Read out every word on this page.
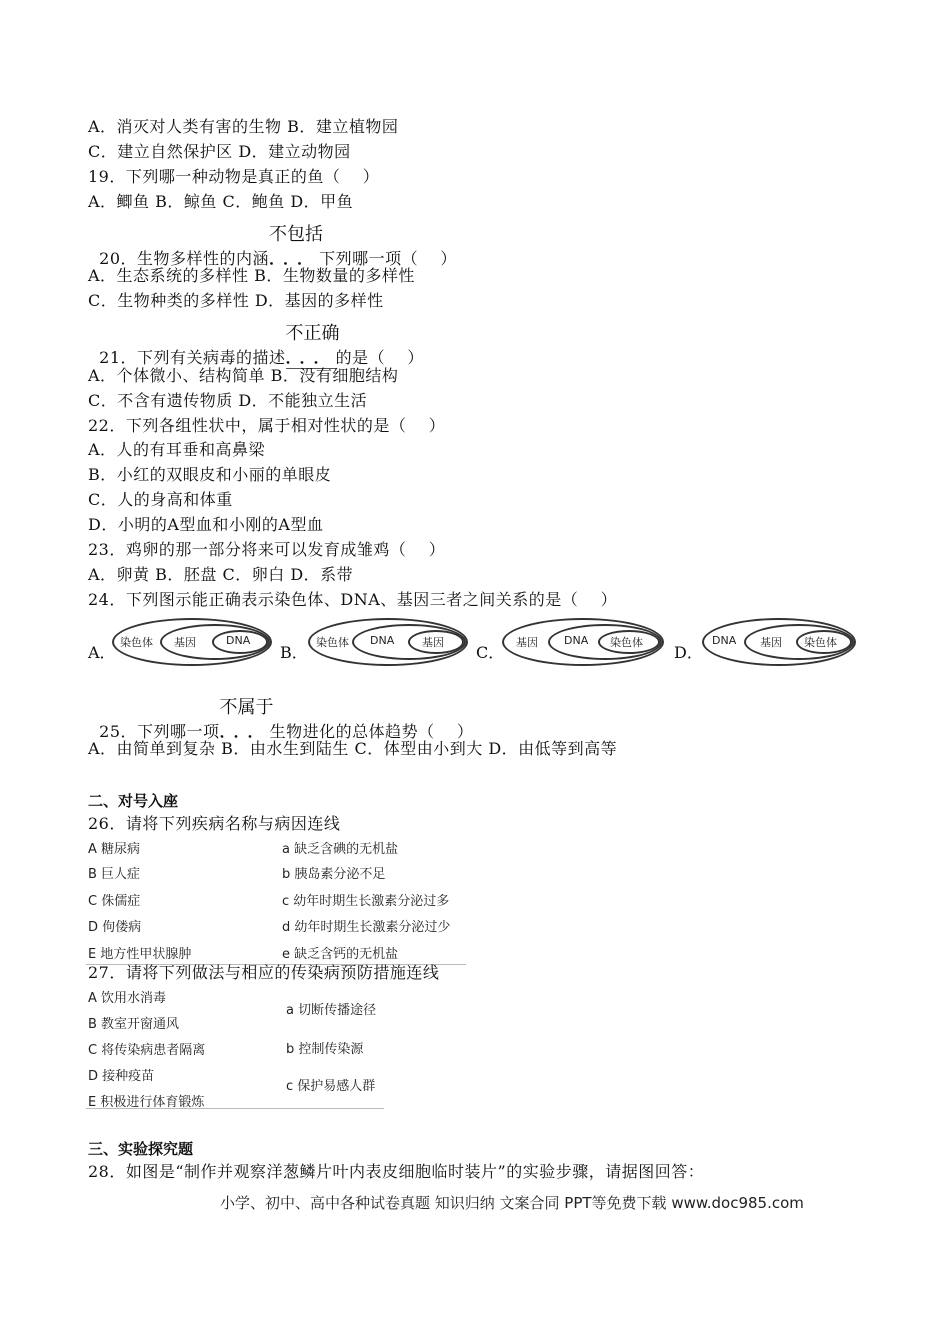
A．消灭对人类有害的生物 B．建立植物园
C．建立自然保护区 D．建立动物园
19．下列哪一种动物是真正的鱼（    ）
A．鲫鱼 B．鲸鱼 C．鲍鱼 D．甲鱼

20．生物多样性的内涵
不包括
．．．下列哪一项（    ）

A．生态系统的多样性 B．生物数量的多样性
C．生物种类的多样性 D．基因的多样性

21．下列有关病毒的描述
不正确
．．．的是（    ）

A．个体微小、结构简单 B．没有细胞结构
C．不含有遗传物质 D．不能独立生活
22．下列各组性状中，属于相对性状的是（    ）
A．人的有耳垂和高鼻梁
B．小红的双眼皮和小丽的单眼皮
C．人的身高和体重
D．小明的A型血和小刚的A型血
23．鸡卵的那一部分将来可以发育成雏鸡（    ）
A．卵黄 B．胚盘 C．卵白 D．系带
24．下列图示能正确表示染色体、DNA、基因三者之间关系的是（    ）
A．
染色体 基因	DNA
B．
染色体 DNA	基因
C．
基因 DNA 染色体
D．
DNA 基因 染色体

25．下列哪一项
不属于
．．．生物进化的总体趋势（    ）

A．由简单到复杂 B．由水生到陆生 C．体型由小到大 D．由低等到高等
二、对号入座
26．请将下列疾病名称与病因连线
A 糖尿病
B 巨人症
C 侏儒症
D 佝偻病
E 地方性甲状腺肿
a 缺乏含碘的无机盐
b 胰岛素分泌不足
c 幼年时期生长激素分泌过多
d 幼年时期生长激素分泌过少
e 缺乏含钙的无机盐
27．请将下列做法与相应的传染病预防措施连线
A 饮用水消毒
B 教室开窗通风
C 将传染病患者隔离
D 接种疫苗
E 积极进行体育锻炼
a 切断传播途径
b 控制传染源
c 保护易感人群
三、实验探究题
28．如图是“制作并观察洋葱鳞片叶内表皮细胞临时装片”的实验步骤，请据图回答：
小学、初中、高中各种试卷真题 知识归纳 文案合同 PPT等免费下载 www.doc985.com
